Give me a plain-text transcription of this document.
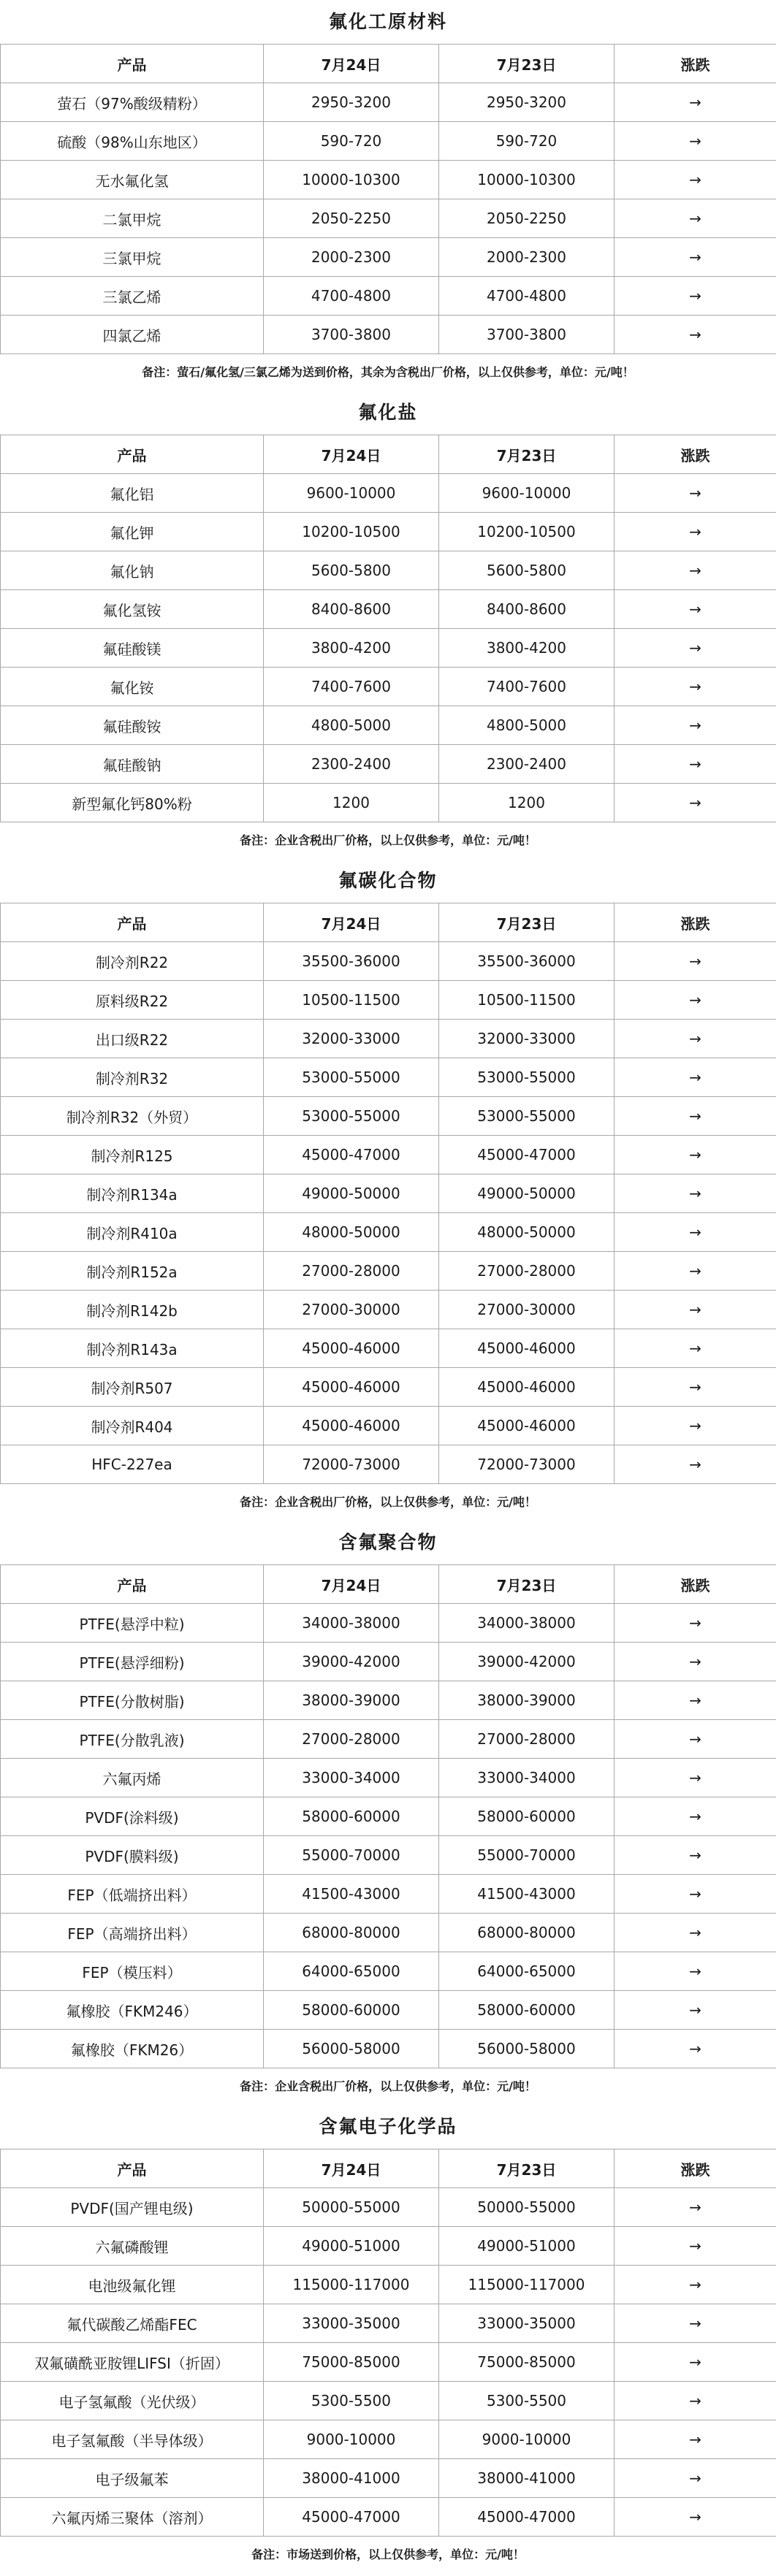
氟化工原材料
产品	7月24日	7月23日	涨跌
萤石（97%酸级精粉）	2950-3200	2950-3200	→
硫酸（98%山东地区）	590-720	590-720	→
无水氟化氢	10000-10300	10000-10300	→
二氯甲烷	2050-2250	2050-2250	→
三氯甲烷	2000-2300	2000-2300	→
三氯乙烯	4700-4800	4700-4800	→
四氯乙烯	3700-3800	3700-3800	→
备注：萤石/氟化氢/三氯乙烯为送到价格，其余为含税出厂价格，以上仅供参考，单位：元/吨！
氟化盐
产品	7月24日	7月23日	涨跌
氟化铝	9600-10000	9600-10000	→
氟化钾	10200-10500	10200-10500	→
氟化钠	5600-5800	5600-5800	→
氟化氢铵	8400-8600	8400-8600	→
氟硅酸镁	3800-4200	3800-4200	→
氟化铵	7400-7600	7400-7600	→
氟硅酸铵	4800-5000	4800-5000	→
氟硅酸钠	2300-2400	2300-2400	→
新型氟化钙80%粉	1200	1200	→
备注：企业含税出厂价格，以上仅供参考，单位：元/吨！
氟碳化合物
产品	7月24日	7月23日	涨跌
制冷剂R22	35500-36000	35500-36000	→
原料级R22	10500-11500	10500-11500	→
出口级R22	32000-33000	32000-33000	→
制冷剂R32	53000-55000	53000-55000	→
制冷剂R32（外贸）	53000-55000	53000-55000	→
制冷剂R125	45000-47000	45000-47000	→
制冷剂R134a	49000-50000	49000-50000	→
制冷剂R410a	48000-50000	48000-50000	→
制冷剂R152a	27000-28000	27000-28000	→
制冷剂R142b	27000-30000	27000-30000	→
制冷剂R143a	45000-46000	45000-46000	→
制冷剂R507	45000-46000	45000-46000	→
制冷剂R404	45000-46000	45000-46000	→
HFC-227ea	72000-73000	72000-73000	→
备注：企业含税出厂价格，以上仅供参考，单位：元/吨！
含氟聚合物
产品	7月24日	7月23日	涨跌
PTFE(悬浮中粒)	34000-38000	34000-38000	→
PTFE(悬浮细粉)	39000-42000	39000-42000	→
PTFE(分散树脂)	38000-39000	38000-39000	→
PTFE(分散乳液)	27000-28000	27000-28000	→
六氟丙烯	33000-34000	33000-34000	→
PVDF(涂料级)	58000-60000	58000-60000	→
PVDF(膜料级)	55000-70000	55000-70000	→
FEP（低端挤出料）	41500-43000	41500-43000	→
FEP（高端挤出料）	68000-80000	68000-80000	→
FEP（模压料）	64000-65000	64000-65000	→
氟橡胶（FKM246）	58000-60000	58000-60000	→
氟橡胶（FKM26）	56000-58000	56000-58000	→
备注：企业含税出厂价格，以上仅供参考，单位：元/吨！
含氟电子化学品
产品	7月24日	7月23日	涨跌
PVDF(国产锂电级)	50000-55000	50000-55000	→
六氟磷酸锂	49000-51000	49000-51000	→
电池级氟化锂	115000-117000	115000-117000	→
氟代碳酸乙烯酯FEC	33000-35000	33000-35000	→
双氟磺酰亚胺锂LIFSI（折固）	75000-85000	75000-85000	→
电子氢氟酸（光伏级）	5300-5500	5300-5500	→
电子氢氟酸（半导体级）	9000-10000	9000-10000	→
电子级氟苯	38000-41000	38000-41000	→
六氟丙烯三聚体（溶剂）	45000-47000	45000-47000	→
备注：市场送到价格，以上仅供参考，单位：元/吨！
